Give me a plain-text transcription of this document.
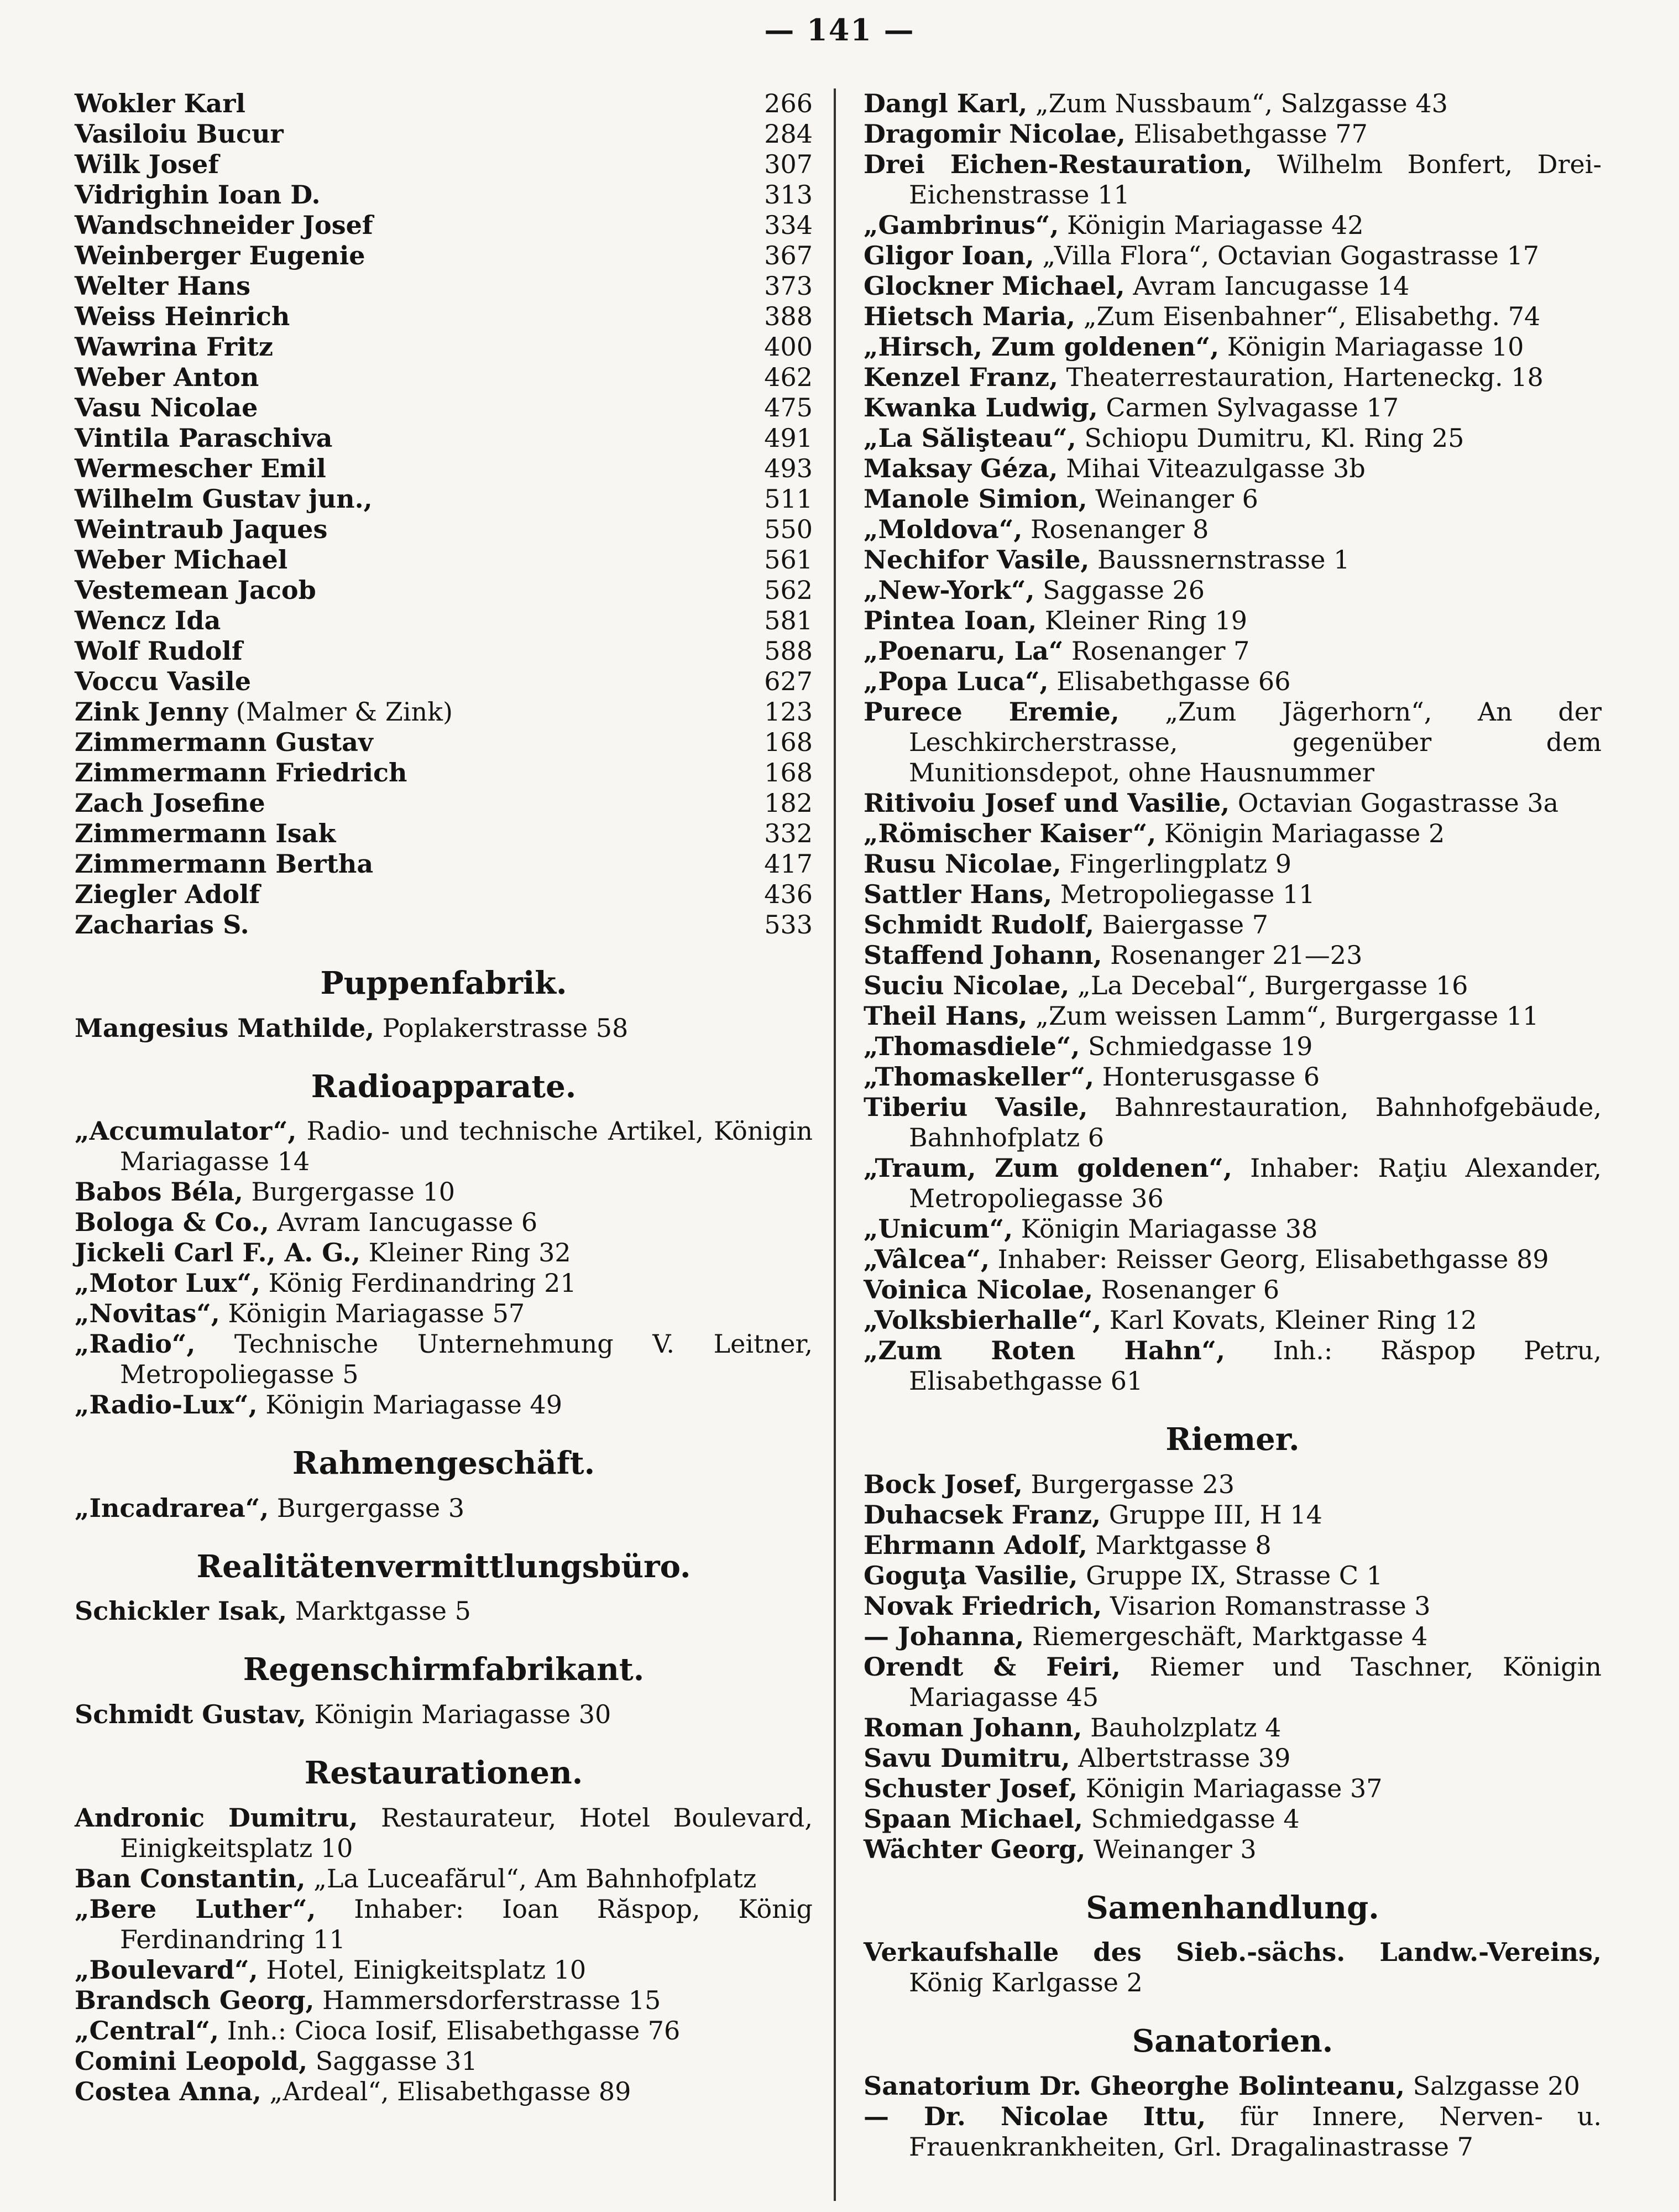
— 141 —
Wokler Karl	266
Vasiloiu Bucur	284
Wilk Josef	307
Vidrighin Ioan D.	313
Wandschneider Josef	334
Weinberger Eugenie	367
Welter Hans	373
Weiss Heinrich	388
Wawrina Fritz	400
Weber Anton	462
Vasu Nicolae	475
Vintila Paraschiva	491
Wermescher Emil	493
Wilhelm Gustav jun.,	511
Weintraub Jaques	550
Weber Michael	561
Vestemean Jacob	562
Wencz Ida	581
Wolf Rudolf	588
Voccu Vasile	627
Zink Jenny (Malmer & Zink)	123
Zimmermann Gustav	168
Zimmermann Friedrich	168
Zach Josefine	182
Zimmermann Isak	332
Zimmermann Bertha	417
Ziegler Adolf	436
Zacharias S.	533
Puppenfabrik.
Mangesius Mathilde, Poplakerstrasse 58
Radioapparate.
„Accumulator“, Radio- und technische Artikel, Königin Mariagasse 14
Babos Béla, Burgergasse 10
Bologa & Co., Avram Iancugasse 6
Jickeli Carl F., A. G., Kleiner Ring 32
„Motor Lux“, König Ferdinandring 21
„Novitas“, Königin Mariagasse 57
„Radio“, Technische Unternehmung V. Leitner, Metropoliegasse 5
„Radio-Lux“, Königin Mariagasse 49
Rahmengeschäft.
„Incadrarea“, Burgergasse 3
Realitätenvermittlungsbüro.
Schickler Isak, Marktgasse 5
Regenschirmfabrikant.
Schmidt Gustav, Königin Mariagasse 30
Restaurationen.
Andronic Dumitru, Restaurateur, Hotel Boulevard, Einigkeitsplatz 10
Ban Constantin, „La Luceafărul“, Am Bahnhofplatz
„Bere Luther“, Inhaber: Ioan Răspop, König Ferdinandring 11
„Boulevard“, Hotel, Einigkeitsplatz 10
Brandsch Georg, Hammersdorferstrasse 15
„Central“, Inh.: Cioca Iosif, Elisabethgasse 76
Comini Leopold, Saggasse 31
Costea Anna, „Ardeal“, Elisabethgasse 89
Dangl Karl, „Zum Nussbaum“, Salzgasse 43
Dragomir Nicolae, Elisabethgasse 77
Drei Eichen-Restauration, Wilhelm Bonfert, Drei-Eichenstrasse 11
„Gambrinus“, Königin Mariagasse 42
Gligor Ioan, „Villa Flora“, Octavian Gogastrasse 17
Glockner Michael, Avram Iancugasse 14
Hietsch Maria, „Zum Eisenbahner“, Elisabethg. 74
„Hirsch, Zum goldenen“, Königin Mariagasse 10
Kenzel Franz, Theaterrestauration, Harteneckg. 18
Kwanka Ludwig, Carmen Sylvagasse 17
„La Sălişteau“, Schiopu Dumitru, Kl. Ring 25
Maksay Géza, Mihai Viteazulgasse 3b
Manole Simion, Weinanger 6
„Moldova“, Rosenanger 8
Nechifor Vasile, Baussnernstrasse 1
„New-York“, Saggasse 26
Pintea Ioan, Kleiner Ring 19
„Poenaru, La“ Rosenanger 7
„Popa Luca“, Elisabethgasse 66
Purece Eremie, „Zum Jägerhorn“, An der Leschkircherstrasse, gegenüber dem Munitionsdepot, ohne Hausnummer
Ritivoiu Josef und Vasilie, Octavian Gogastrasse 3a
„Römischer Kaiser“, Königin Mariagasse 2
Rusu Nicolae, Fingerlingplatz 9
Sattler Hans, Metropoliegasse 11
Schmidt Rudolf, Baiergasse 7
Staffend Johann, Rosenanger 21—23
Suciu Nicolae, „La Decebal“, Burgergasse 16
Theil Hans, „Zum weissen Lamm“, Burgergasse 11
„Thomasdiele“, Schmiedgasse 19
„Thomaskeller“, Honterusgasse 6
Tiberiu Vasile, Bahnrestauration, Bahnhofgebäude, Bahnhofplatz 6
„Traum, Zum goldenen“, Inhaber: Raţiu Alexander, Metropoliegasse 36
„Unicum“, Königin Mariagasse 38
„Vâlcea“, Inhaber: Reisser Georg, Elisabethgasse 89
Voinica Nicolae, Rosenanger 6
„Volksbierhalle“, Karl Kovats, Kleiner Ring 12
„Zum Roten Hahn“, Inh.: Răspop Petru, Elisabethgasse 61
Riemer.
Bock Josef, Burgergasse 23
Duhacsek Franz, Gruppe III, H 14
Ehrmann Adolf, Marktgasse 8
Goguţa Vasilie, Gruppe IX, Strasse C 1
Novak Friedrich, Visarion Romanstrasse 3
— Johanna, Riemergeschäft, Marktgasse 4
Orendt & Feiri, Riemer und Taschner, Königin Mariagasse 45
Roman Johann, Bauholzplatz 4
Savu Dumitru, Albertstrasse 39
Schuster Josef, Königin Mariagasse 37
Spaan Michael, Schmiedgasse 4
Wächter Georg, Weinanger 3
Samenhandlung.
Verkaufshalle des Sieb.-sächs. Landw.-Vereins, König Karlgasse 2
Sanatorien.
Sanatorium Dr. Gheorghe Bolinteanu, Salzgasse 20
— Dr. Nicolae Ittu, für Innere, Nerven- u. Frauenkrankheiten, Grl. Dragalinastrasse 7
